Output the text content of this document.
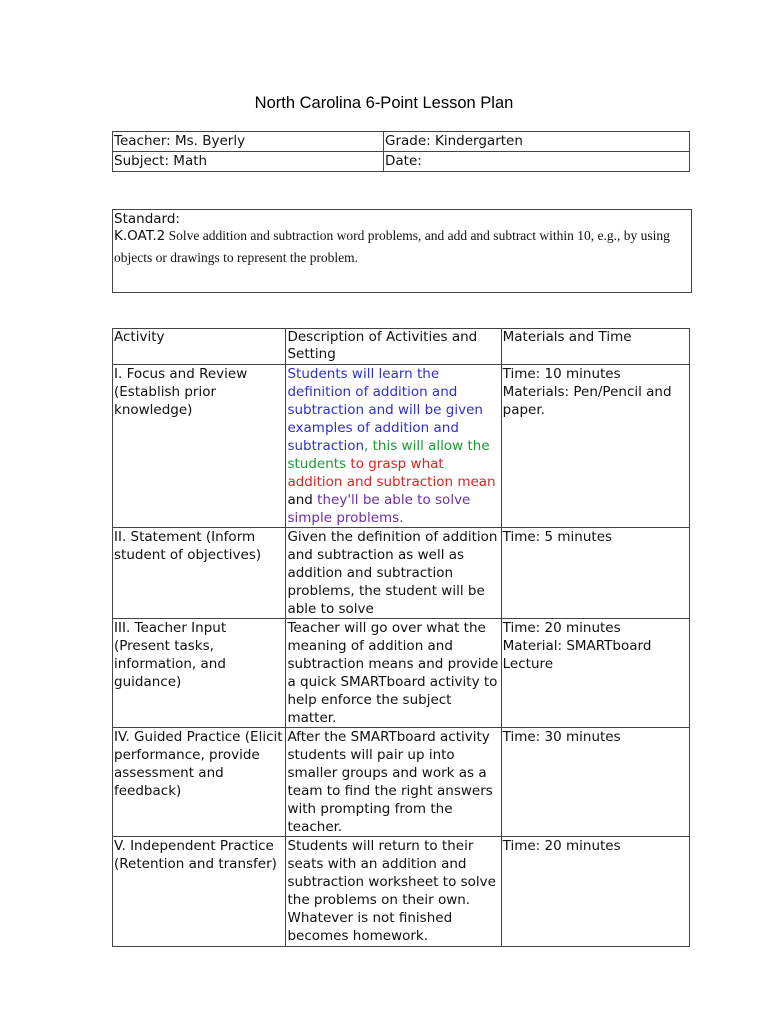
North Carolina 6-Point Lesson Plan
Teacher: Ms. Byerly	Grade: Kindergarten
Subject: Math	Date:
Standard:
K.OAT.2 Solve addition and subtraction word problems, and add and subtract within 10, e.g., by using objects or drawings to represent the problem.
Activity	Description of Activities and Setting	Materials and Time
I. Focus and Review (Establish prior knowledge)	Students will learn the definition of addition and subtraction and will be given examples of addition and subtraction, this will allow the students to grasp what addition and subtraction mean and they'll be able to solve simple problems.	Time: 10 minutes
Materials: Pen/Pencil and paper.

II. Statement (Inform student of objectives)	Given the definition of addition and subtraction as well as addition and subtraction problems, the student will be able to solve	Time: 5 minutes

III. Teacher Input (Present tasks, information, and guidance)	Teacher will go over what the meaning of addition and subtraction means and provide a quick SMARTboard activity to help enforce the subject matter.	Time: 20 minutes
Material: SMARTboard Lecture

IV. Guided Practice (Elicit performance, provide assessment and feedback)	After the SMARTboard activity students will pair up into smaller groups and work as a team to find the right answers with prompting from the teacher.	Time: 30 minutes

V. Independent Practice (Retention and transfer)	Students will return to their seats with an addition and subtraction worksheet to solve the problems on their own. Whatever is not finished becomes homework.	Time: 20 minutes
